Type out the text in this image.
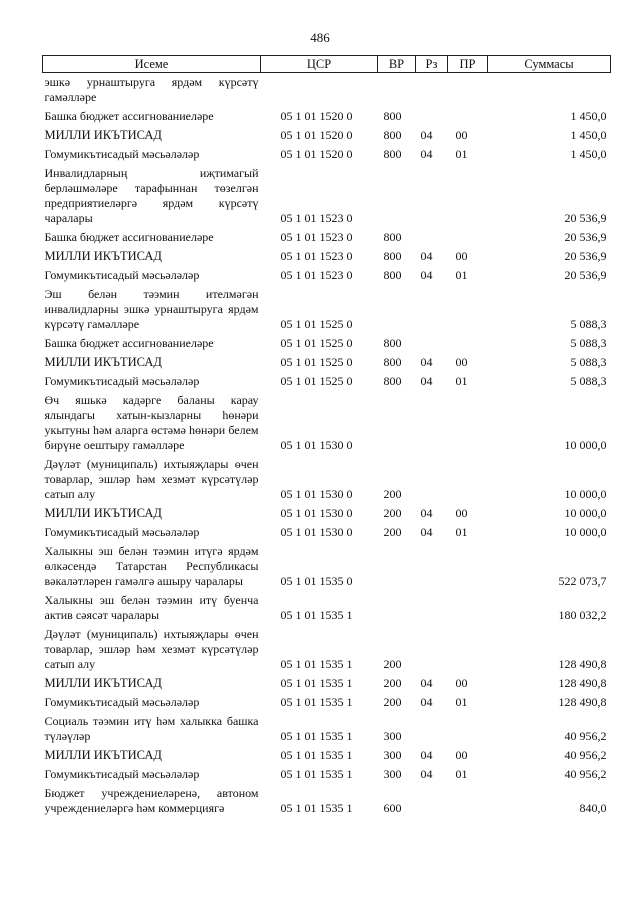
486
Исеме	ЦСР	ВР	Рз	ПР	Суммасы
эшкә урнаштыруга ярдәм күрсәтү гамәлләре					
Башка бюджет ассигнованиеләре	05 1 01 1520 0	800			1 450,0
МИЛЛИ ИКЪТИСАД	05 1 01 1520 0	800	04	00	1 450,0
Гомумикътисадый мәсьәләләр	05 1 01 1520 0	800	04	01	1 450,0
Инвалидларның иҗтимагый берләшмәләре тарафыннан төзелгән предприятиеләргә ярдәм күрсәтү чаралары	05 1 01 1523 0				20 536,9
Башка бюджет ассигнованиеләре	05 1 01 1523 0	800			20 536,9
МИЛЛИ ИКЪТИСАД	05 1 01 1523 0	800	04	00	20 536,9
Гомумикътисадый мәсьәләләр	05 1 01 1523 0	800	04	01	20 536,9
Эш белән тәэмин ителмәгән инвалидларны эшкә урнаштыруга ярдәм күрсәтү гамәлләре	05 1 01 1525 0				5 088,3
Башка бюджет ассигнованиеләре	05 1 01 1525 0	800			5 088,3
МИЛЛИ ИКЪТИСАД	05 1 01 1525 0	800	04	00	5 088,3
Гомумикътисадый мәсьәләләр	05 1 01 1525 0	800	04	01	5 088,3
Өч яшькә кадәрге баланы карау ялындагы хатын-кызларны һөнәри укытуны һәм аларга өстәмә һөнәри белем бирүне оештыру гамәлләре	05 1 01 1530 0				10 000,0
Дәүләт (муниципаль) ихтыяҗлары өчен товарлар, эшләр һәм хезмәт күрсәтүләр сатып алу	05 1 01 1530 0	200			10 000,0
МИЛЛИ ИКЪТИСАД	05 1 01 1530 0	200	04	00	10 000,0
Гомумикътисадый мәсьәләләр	05 1 01 1530 0	200	04	01	10 000,0
Халыкны эш белән тәэмин итүгә ярдәм өлкәсендә Татарстан Республикасы вәкаләтләрен гамәлгә ашыру чаралары	05 1 01 1535 0				522 073,7
Халыкны эш белән тәэмин итү буенча актив сәясәт чаралары	05 1 01 1535 1				180 032,2
Дәүләт (муниципаль) ихтыяҗлары өчен товарлар, эшләр һәм хезмәт күрсәтүләр сатып алу	05 1 01 1535 1	200			128 490,8
МИЛЛИ ИКЪТИСАД	05 1 01 1535 1	200	04	00	128 490,8
Гомумикътисадый мәсьәләләр	05 1 01 1535 1	200	04	01	128 490,8
Социаль тәэмин итү һәм халыкка башка түләүләр	05 1 01 1535 1	300			40 956,2
МИЛЛИ ИКЪТИСАД	05 1 01 1535 1	300	04	00	40 956,2
Гомумикътисадый мәсьәләләр	05 1 01 1535 1	300	04	01	40 956,2
Бюджет учреждениеләренә, автоном учреждениеләргә һәм коммерциягә	05 1 01 1535 1	600			840,0
